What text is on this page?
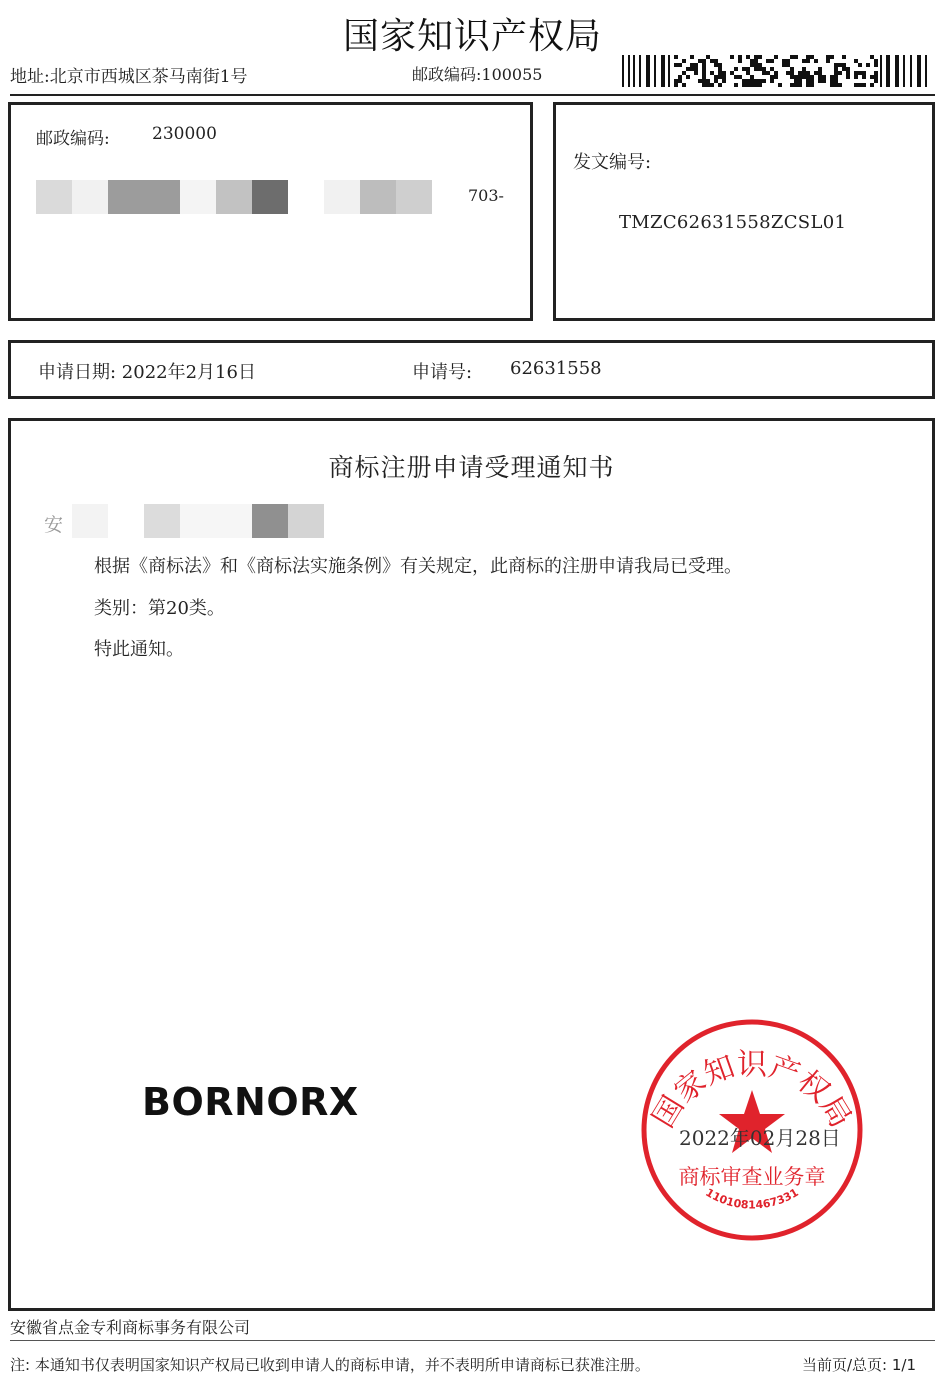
国家知识产权局
地址:北京市西城区茶马南街1号	邮政编码:100055
邮政编码: 230000
703-
发文编号:
TMZC62631558ZCSL01
申请日期: 2022年2月16日	申请号: 62631558
商标注册申请受理通知书
安
根据《商标法》和《商标法实施条例》有关规定，此商标的注册申请我局已受理。
类别：第20类。
特此通知。
BORNORX	国家知识产权局
商标审查业务章
1101081467331
2022年02月28日
安徽省点金专利商标事务有限公司
注: 本通知书仅表明国家知识产权局已收到申请人的商标申请，并不表明所申请商标已获准注册。	当前页/总页: 1/1
